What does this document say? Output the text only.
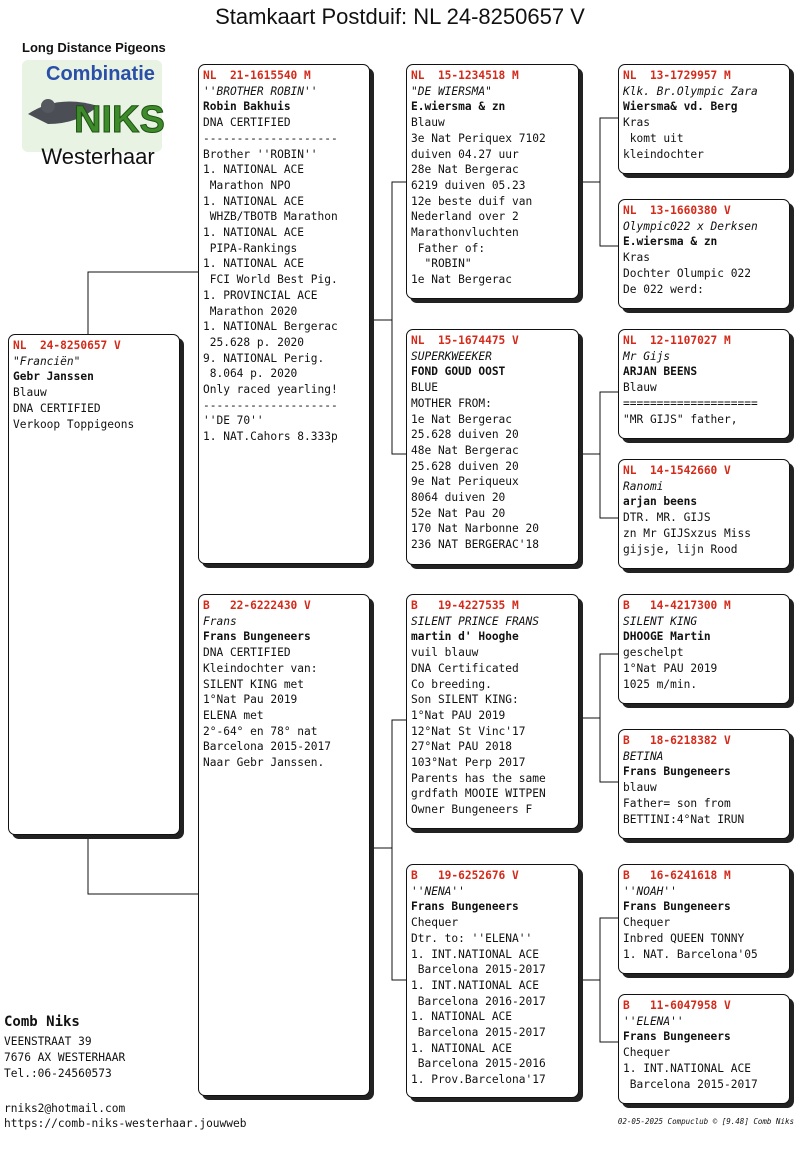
Stamkaart Postduif: NL 24-8250657 V
Long Distance Pigeons
Combinatie
NIKS
Westerhaar
NL  24-8250657 V
"Franciën"
Gebr Janssen
Blauw
DNA CERTIFIED
Verkoop Toppigeons
NL  21-1615540 M
''BROTHER ROBIN''
Robin Bakhuis
DNA CERTIFIED
--------------------
Brother ''ROBIN''
1. NATIONAL ACE
Marathon NPO
1. NATIONAL ACE
WHZB/TBOTB Marathon
1. NATIONAL ACE
PIPA-Rankings
1. NATIONAL ACE
FCI World Best Pig.
1. PROVINCIAL ACE
Marathon 2020
1. NATIONAL Bergerac
25.628 p. 2020
9. NATIONAL Perig.
8.064 p. 2020
Only raced yearling!
--------------------
''DE 70''
1. NAT.Cahors 8.333p
B   22-6222430 V
Frans
Frans Bungeneers
DNA CERTIFIED
Kleindochter van:
SILENT KING met
1°Nat Pau 2019
ELENA met
2°-64° en 78° nat
Barcelona 2015-2017
Naar Gebr Janssen.
NL  15-1234518 M
"DE WIERSMA"
E.wiersma & zn
Blauw
3e Nat Periquex 7102
duiven 04.27 uur
28e Nat Bergerac
6219 duiven 05.23
12e beste duif van
Nederland over 2
Marathonvluchten
Father of:
"ROBIN"
1e Nat Bergerac
NL  15-1674475 V
SUPERKWEEKER
FOND GOUD OOST
BLUE
MOTHER FROM:
1e Nat Bergerac
25.628 duiven 20
48e Nat Bergerac
25.628 duiven 20
9e Nat Periqueux
8064 duiven 20
52e Nat Pau 20
170 Nat Narbonne 20
236 NAT BERGERAC'18
B   19-4227535 M
SILENT PRINCE FRANS
martin d' Hooghe
vuil blauw
DNA Certificated
Co breeding.
Son SILENT KING:
1°Nat PAU 2019
12°Nat St Vinc'17
27°Nat PAU 2018
103°Nat Perp 2017
Parents has the same
grdfath MOOIE WITPEN
Owner Bungeneers F
B   19-6252676 V
''NENA''
Frans Bungeneers
Chequer
Dtr. to: ''ELENA''
1. INT.NATIONAL ACE
Barcelona 2015-2017
1. INT.NATIONAL ACE
Barcelona 2016-2017
1. NATIONAL ACE
Barcelona 2015-2017
1. NATIONAL ACE
Barcelona 2015-2016
1. Prov.Barcelona'17
NL  13-1729957 M
Klk. Br.Olympic Zara
Wiersma& vd. Berg
Kras
komt uit
kleindochter
NL  13-1660380 V
Olympic022 x Derksen
E.wiersma & zn
Kras
Dochter Olumpic 022
De 022 werd:
NL  12-1107027 M
Mr Gijs
ARJAN BEENS
Blauw
====================
"MR GIJS" father,
NL  14-1542660 V
Ranomi
arjan beens
DTR. MR. GIJS
zn Mr GIJSxzus Miss
gijsje, lijn Rood
B   14-4217300 M
SILENT KING
DHOOGE Martin
geschelpt
1°Nat PAU 2019
1025 m/min.
B   18-6218382 V
BETINA
Frans Bungeneers
blauw
Father= son from
BETTINI:4°Nat IRUN
B   16-6241618 M
''NOAH''
Frans Bungeneers
Chequer
Inbred QUEEN TONNY
1. NAT. Barcelona'05
B   11-6047958 V
''ELENA''
Frans Bungeneers
Chequer
1. INT.NATIONAL ACE
Barcelona 2015-2017
Comb Niks
VEENSTRAAT 39
7676 AX WESTERHAAR
Tel.:06-24560573
rniks2@hotmail.com
https://comb-niks-westerhaar.jouwweb	02-05-2025 Compuclub © [9.48] Comb Niks
